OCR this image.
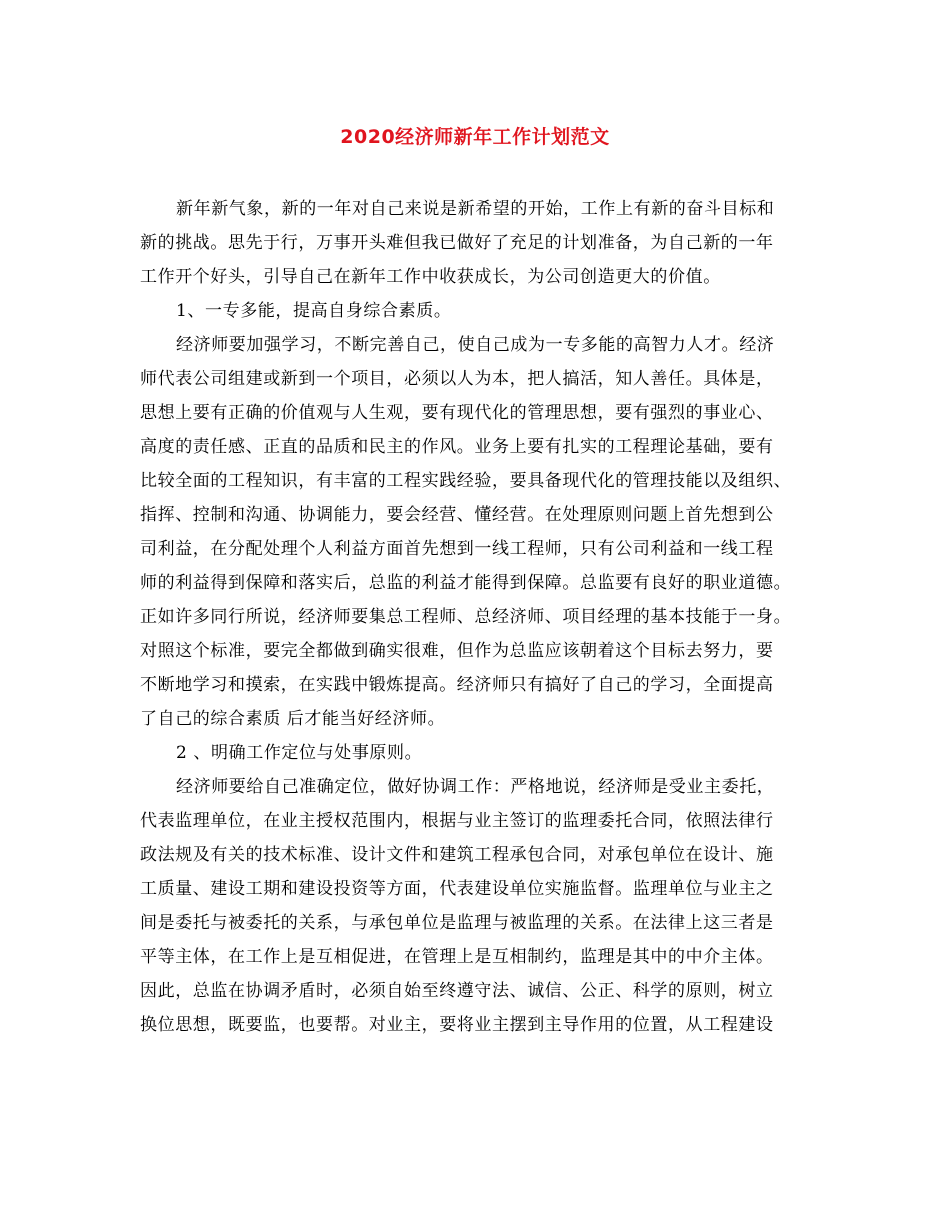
2020经济师新年工作计划范文
新年新气象，新的一年对自己来说是新希望的开始，工作上有新的奋斗目标和
新的挑战。思先于行，万事开头难但我已做好了充足的计划准备，为自己新的一年
工作开个好头，引导自己在新年工作中收获成长，为公司创造更大的价值。
1、一专多能，提高自身综合素质。
经济师要加强学习，不断完善自己，使自己成为一专多能的高智力人才。经济
师代表公司组建或新到一个项目，必须以人为本，把人搞活，知人善任。具体是，
思想上要有正确的价值观与人生观，要有现代化的管理思想，要有强烈的事业心、
高度的责任感、正直的品质和民主的作风。业务上要有扎实的工程理论基础，要有
比较全面的工程知识，有丰富的工程实践经验，要具备现代化的管理技能以及组织、
指挥、控制和沟通、协调能力，要会经营、懂经营。在处理原则问题上首先想到公
司利益，在分配处理个人利益方面首先想到一线工程师，只有公司利益和一线工程
师的利益得到保障和落实后，总监的利益才能得到保障。总监要有良好的职业道德。
正如许多同行所说，经济师要集总工程师、总经济师、项目经理的基本技能于一身。
对照这个标准，要完全都做到确实很难，但作为总监应该朝着这个目标去努力，要
不断地学习和摸索，在实践中锻炼提高。经济师只有搞好了自己的学习，全面提高
了自己的综合素质 后才能当好经济师。
2 、明确工作定位与处事原则。
经济师要给自己准确定位，做好协调工作：严格地说，经济师是受业主委托，
代表监理单位，在业主授权范围内，根据与业主签订的监理委托合同，依照法律行
政法规及有关的技术标准、设计文件和建筑工程承包合同，对承包单位在设计、施
工质量、建设工期和建设投资等方面，代表建设单位实施监督。监理单位与业主之
间是委托与被委托的关系，与承包单位是监理与被监理的关系。在法律上这三者是
平等主体，在工作上是互相促进，在管理上是互相制约，监理是其中的中介主体。
因此，总监在协调矛盾时，必须自始至终遵守法、诚信、公正、科学的原则，树立
换位思想，既要监，也要帮。对业主，要将业主摆到主导作用的位置，从工程建设
